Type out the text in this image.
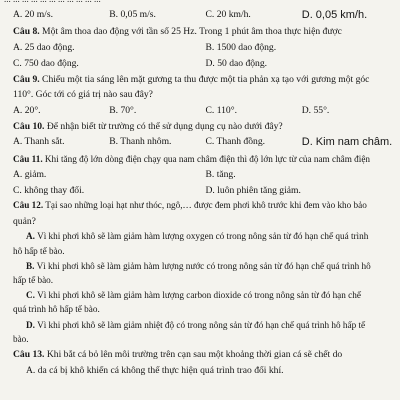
A. 20 m/s.	B. 0,05 m/s.	C. 20 km/h.	D. 0,05 km/h.
Câu 8. Một âm thoa dao động với tần số 25 Hz. Trong 1 phút âm thoa thực hiện được
A. 25 dao động.	B. 1500 dao động.
C. 750 dao động.	D. 50 dao động.
Câu 9. Chiếu một tia sáng lên mặt gương ta thu được một tia phản xạ tạo với gương một góc
110°. Góc tới có giá trị nào sau đây?
A. 20°.	B. 70°.	C. 110°.	D. 55°.
Câu 10. Để nhận biết từ trường có thể sử dụng dụng cụ nào dưới đây?
A. Thanh sắt.	B. Thanh nhôm.	C. Thanh đồng.	D. Kim nam châm.
Câu 11. Khi tăng độ lớn dòng điện chạy qua nam châm điện thì độ lớn lực từ của nam châm điện
A. giảm.	B. tăng.
C. không thay đổi.	D. luôn phiên tăng giảm.
Câu 12. Tại sao những loại hạt như thóc, ngô,… được đem phơi khô trước khi đem vào kho bảo
quản?
A. Vì khi phơi khô sẽ làm giảm hàm lượng oxygen có trong nông sản từ đó hạn chế quá trình
hô hấp tế bào.
B. Vì khi phơi khô sẽ làm giảm hàm lượng nước có trong nông sản từ đó hạn chế quá trình hô
hấp tế bào.
C. Vì khi phơi khô sẽ làm giảm hàm lượng carbon dioxide có trong nông sản từ đó hạn chế
quá trình hô hấp tế bào.
D. Vì khi phơi khô sẽ làm giảm nhiệt độ có trong nông sản từ đó hạn chế quá trình hô hấp tế
bào.
Câu 13. Khi bắt cá bỏ lên môi trường trên cạn sau một khoảng thời gian cá sẽ chết do
A. da cá bị khô khiến cá không thể thực hiện quá trình trao đổi khí.
